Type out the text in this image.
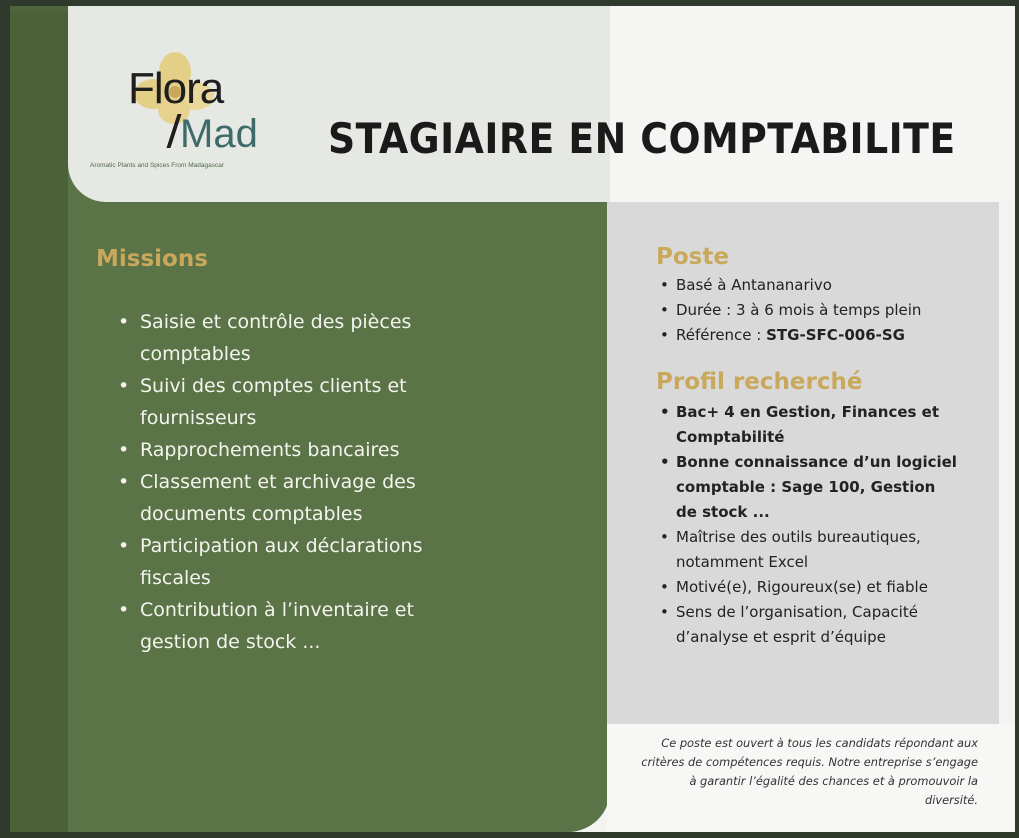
Flora
Mad
Aromatic Plants and Spices From Madagascar
STAGIAIRE EN COMPTABILITE
Missions
• Saisie et contrôle des pièces comptables
• Suivi des comptes clients et fournisseurs
• Rapprochements bancaires
• Classement et archivage des documents comptables
• Participation aux déclarations fiscales
• Contribution à l’inventaire et gestion de stock ...
Poste
• Basé à Antananarivo
• Durée : 3 à 6 mois à temps plein
• Référence : STG-SFC-006-SG
Profil recherché
• Bac+ 4 en Gestion, Finances et Comptabilité
• Bonne connaissance d’un logiciel comptable : Sage 100, Gestion de stock ...
• Maîtrise des outils bureautiques, notamment Excel
• Motivé(e), Rigoureux(se) et fiable
• Sens de l’organisation, Capacité d’analyse et esprit d’équipe
Ce poste est ouvert à tous les candidats répondant aux critères de compétences requis. Notre entreprise s’engage à garantir l’égalité des chances et à promouvoir la diversité.
